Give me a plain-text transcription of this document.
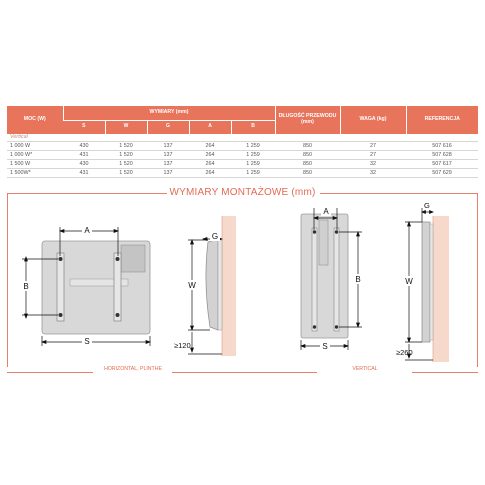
MOC (W)	WYMIARY (mm)					DŁUGOŚĆ PRZEWODU (mm)	WAGA (kg)	REFERENCJA
	S	W	G	A	B			
Vertical								
1 000 W	430	1 520	137	264	1 259	850	27	507 616
1 000 W*	431	1 520	137	264	1 259	850	27	507 628
1 500 W	430	1 520	137	264	1 259	850	32	507 617
1 500W*	431	1 520	137	264	1 259	850	32	507 629
WYMIARY MONTAŻOWE (mm)
HORIZONTAL, PLINTHE	VERTICAL
A
B
S
G
W
≥120
A
B
S
G
W
≥260
